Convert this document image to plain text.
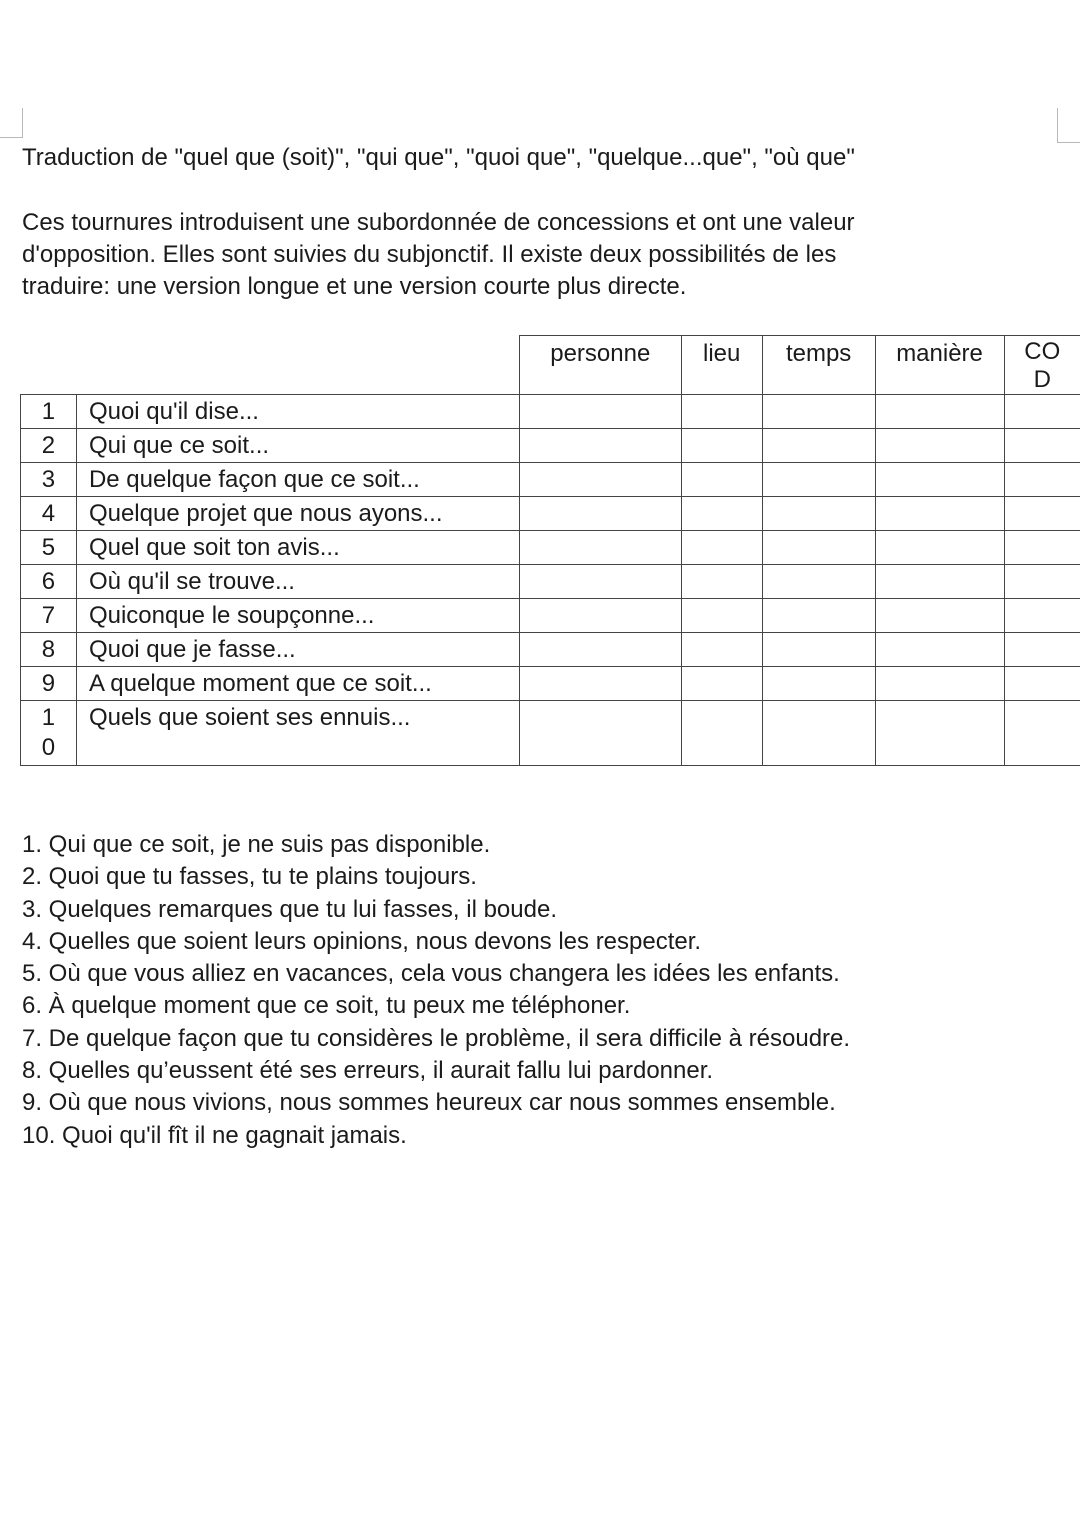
Traduction de "quel que (soit)", "qui que", "quoi que", "quelque...que", "où que"

Ces tournures introduisent une subordonnée de concessions et ont une valeur
d'opposition. Elles sont suivies du subjonctif. Il existe deux possibilités de les
traduire: une version longue et une version courte plus directe.

		personne	lieu	temps	manière	CO D

1	Quoi qu'il dise...					
2	Qui que ce soit...					
3	De quelque façon que ce soit...					
4	Quelque projet que nous ayons...					
5	Quel que soit ton avis...					
6	Où qu'il se trouve...					
7	Quiconque le soupçonne...					
8	Quoi que je fasse...					
9	A quelque moment que ce soit...					

10	Quels que soient ses ennuis...					
1. Qui que ce soit, je ne suis pas disponible.
2. Quoi que tu fasses, tu te plains toujours.
3. Quelques remarques que tu lui fasses, il boude.
4. Quelles que soient leurs opinions, nous devons les respecter.
5. Où que vous alliez en vacances, cela vous changera les idées les enfants.
6. À quelque moment que ce soit, tu peux me téléphoner.
7. De quelque façon que tu considères le problème, il sera difficile à résoudre.
8. Quelles qu’eussent été ses erreurs, il aurait fallu lui pardonner.
9. Où que nous vivions, nous sommes heureux car nous sommes ensemble.
10. Quoi qu'il fît il ne gagnait jamais.
